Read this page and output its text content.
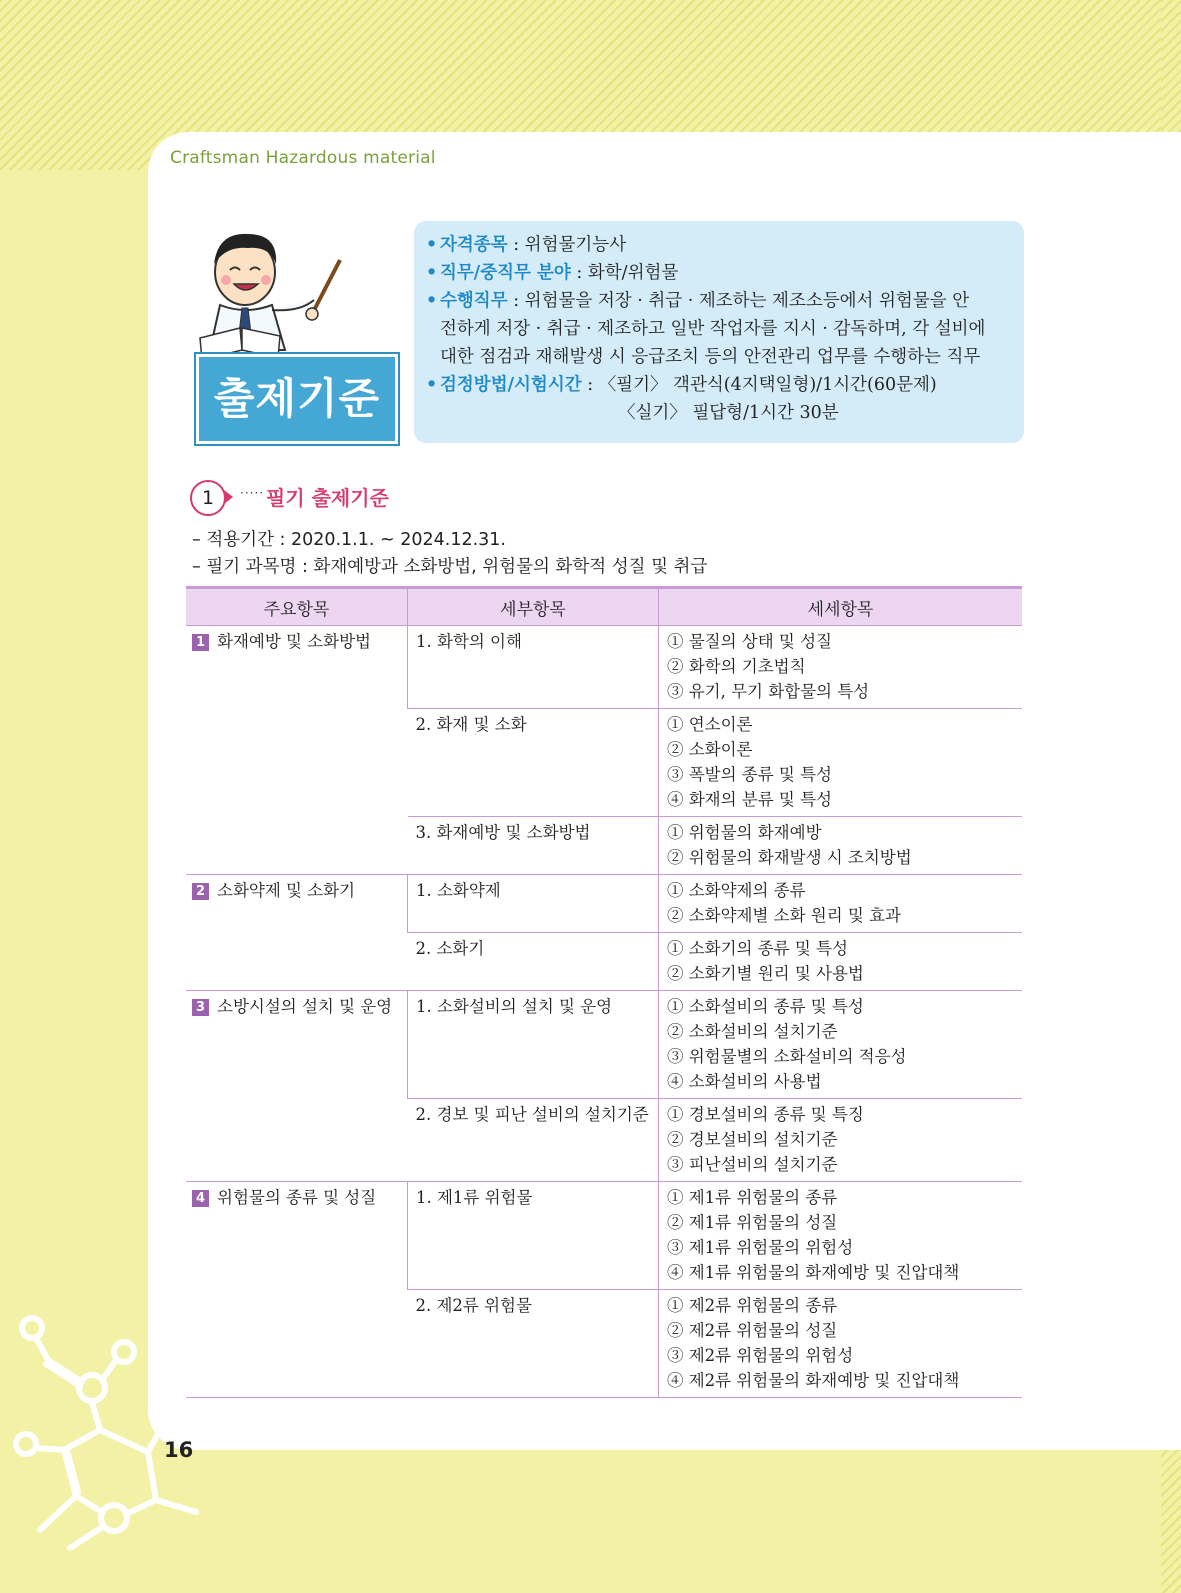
Craftsman Hazardous material
출제기준
• 자격종목 : 위험물기능사
• 직무/중직무 분야 : 화학/위험물
• 수행직무 : 위험물을 저장 · 취급 · 제조하는 제조소등에서 위험물을 안
전하게 저장 · 취급 · 제조하고 일반 작업자를 지시 · 감독하며, 각 설비에
대한 점검과 재해발생 시 응급조치 등의 안전관리 업무를 수행하는 직무
• 검정방법/시험시간 : 〈필기〉 객관식(4지택일형)/1시간(60문제)
〈실기〉 필답형/1시간 30분
1	····· 필기 출제기준
– 적용기간 : 2020.1.1. ~ 2024.12.31.
– 필기 과목명 : 화재예방과 소화방법, 위험물의 화학적 성질 및 취급
주요항목	세부항목	세세항목
1 화재예방 및 소화방법	1. 화학의 이해	① 물질의 상태 및 성질
② 화학의 기초법칙
③ 유기, 무기 화합물의 특성

	2. 화재 및 소화	① 연소이론
② 소화이론
③ 폭발의 종류 및 특성
④ 화재의 분류 및 특성

	3. 화재예방 및 소화방법	① 위험물의 화재예방
② 위험물의 화재발생 시 조치방법

2 소화약제 및 소화기	1. 소화약제	① 소화약제의 종류
② 소화약제별 소화 원리 및 효과

	2. 소화기	① 소화기의 종류 및 특성
② 소화기별 원리 및 사용법

3 소방시설의 설치 및 운영	1. 소화설비의 설치 및 운영	① 소화설비의 종류 및 특성
② 소화설비의 설치기준
③ 위험물별의 소화설비의 적응성
④ 소화설비의 사용법

	2. 경보 및 피난 설비의 설치기준	① 경보설비의 종류 및 특징
② 경보설비의 설치기준
③ 피난설비의 설치기준

4 위험물의 종류 및 성질	1. 제1류 위험물	① 제1류 위험물의 종류
② 제1류 위험물의 성질
③ 제1류 위험물의 위험성
④ 제1류 위험물의 화재예방 및 진압대책

	2. 제2류 위험물	① 제2류 위험물의 종류
② 제2류 위험물의 성질
③ 제2류 위험물의 위험성
④ 제2류 위험물의 화재예방 및 진압대책
16
